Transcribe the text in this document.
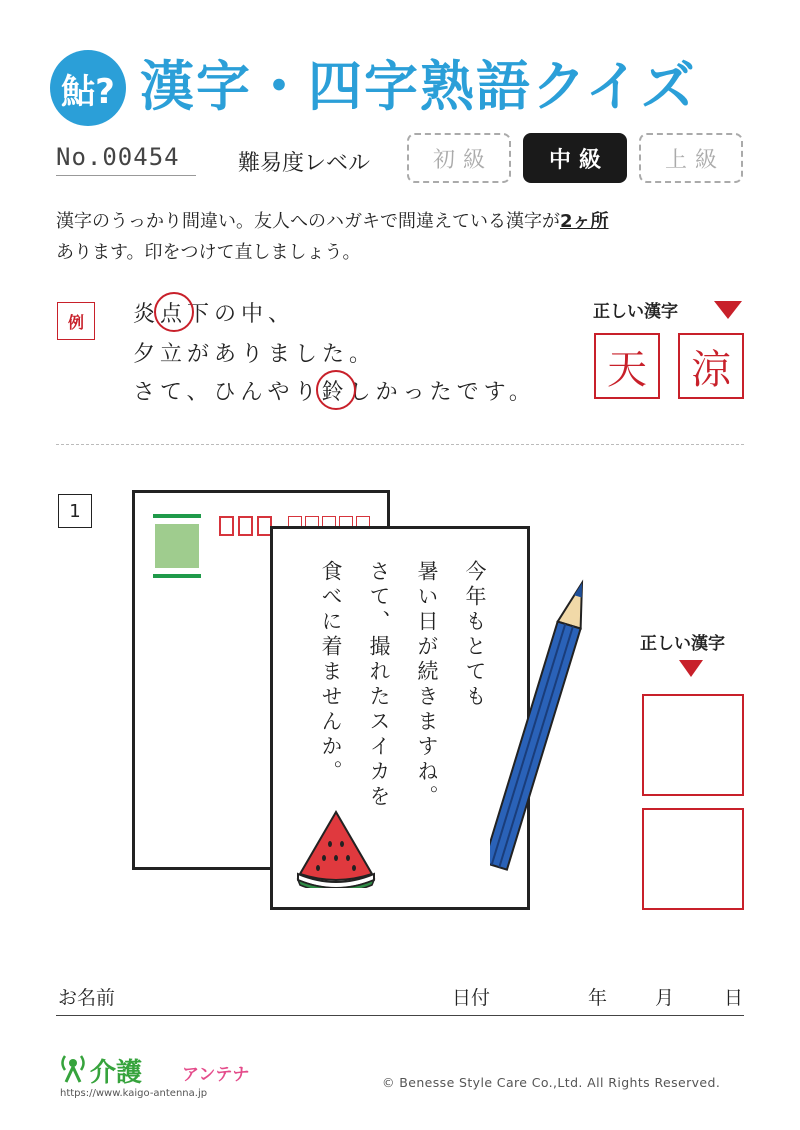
鮎? 漢字・四字熟語クイズ
No.00454	難易度レベル	初級	中級	上級
漢字のうっかり間違い。友人へのハガキで間違えている漢字が2ヶ所
あります。印をつけて直しましょう。
例	炎点下の中、
夕立がありました。
さて、ひんやり鈴しかったです。
正しい漢字
天	涼
1
今年もとても
暑い日が続きますね。
さて、撮れたスイカを
食べに着ませんか。	正しい漢字
お名前	日付	年	月	日
介護 アンテナ
https://www.kaigo-antenna.jp
© Benesse Style Care Co.,Ltd. All Rights Reserved.
